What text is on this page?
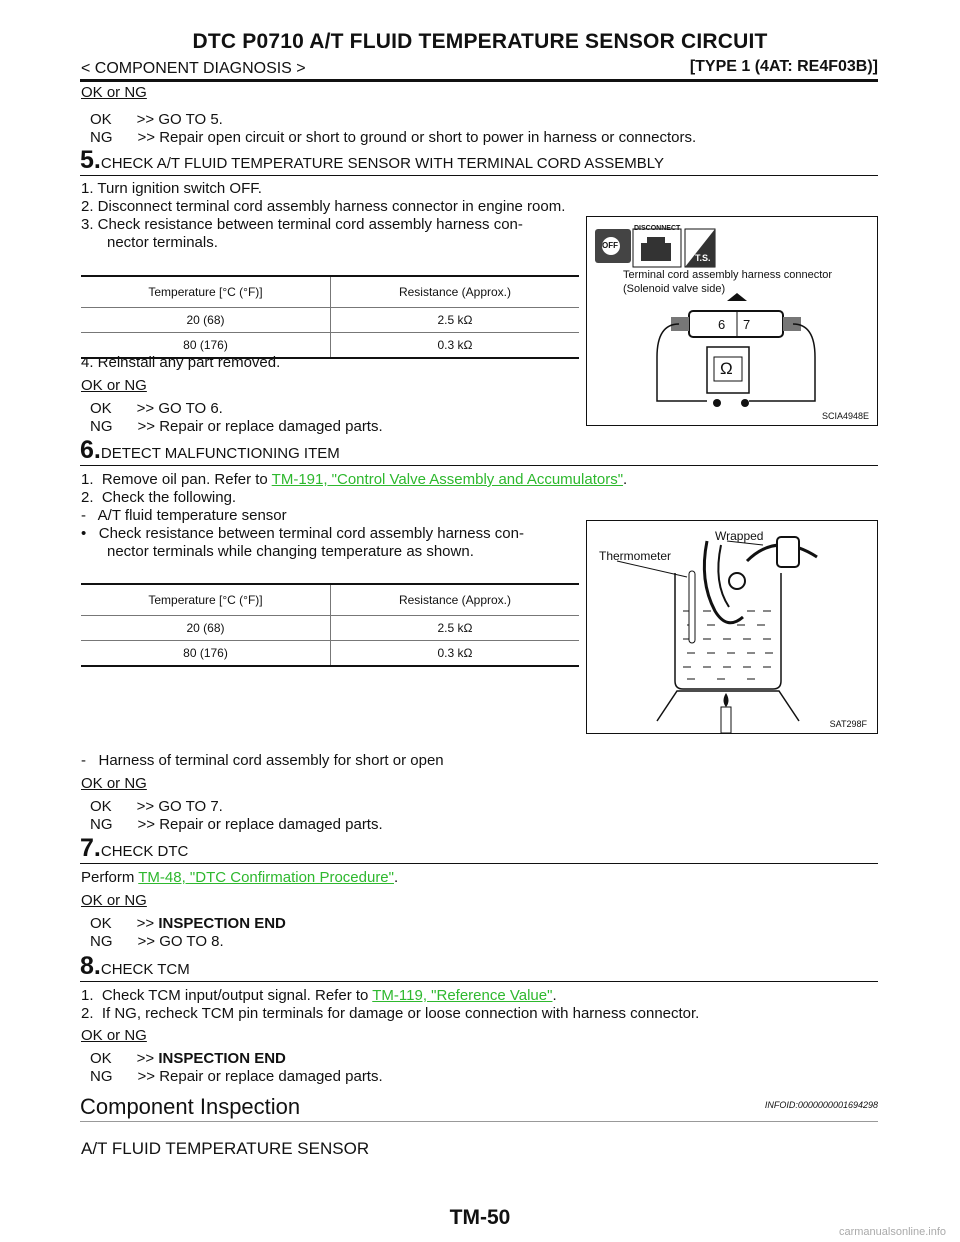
DTC P0710 A/T FLUID TEMPERATURE SENSOR CIRCUIT
< COMPONENT DIAGNOSIS >	[TYPE 1 (4AT: RE4F03B)]
OK or NG
OK      >> GO TO 5.
NG      >> Repair open circuit or short to ground or short to power in harness or connectors.
5.CHECK A/T FLUID TEMPERATURE SENSOR WITH TERMINAL CORD ASSEMBLY
1. Turn ignition switch OFF.
2. Disconnect terminal cord assembly harness connector in engine room.
3. Check resistance between terminal cord assembly harness con-
nector terminals.
Temperature [°C (°F)]	Resistance (Approx.)
20 (68)	2.5 kΩ
80 (176)	0.3 kΩ
4. Reinstall any part removed.
OK or NG
OK      >> GO TO 6.
NG      >> Repair or replace damaged parts.
DISCONNECT
T.S.
OFF
Terminal cord assembly harness connector
(Solenoid valve side)
6 7
Ω
SCIA4948E
6.DETECT MALFUNCTIONING ITEM
1.  Remove oil pan. Refer to TM-191, "Control Valve Assembly and Accumulators".
2.  Check the following.
-   A/T fluid temperature sensor
•   Check resistance between terminal cord assembly harness con-
nector terminals while changing temperature as shown.
Temperature [°C (°F)]	Resistance (Approx.)
20 (68)	2.5 kΩ
80 (176)	0.3 kΩ
Wrapped
Thermometer
SAT298F
-   Harness of terminal cord assembly for short or open
OK or NG
OK      >> GO TO 7.
NG      >> Repair or replace damaged parts.
7.CHECK DTC
Perform TM-48, "DTC Confirmation Procedure".
OK or NG
OK      >> INSPECTION END
NG      >> GO TO 8.
8.CHECK TCM
1.  Check TCM input/output signal. Refer to TM-119, "Reference Value".
2.  If NG, recheck TCM pin terminals for damage or loose connection with harness connector.
OK or NG
OK      >> INSPECTION END
NG      >> Repair or replace damaged parts.
Component Inspection	INFOID:0000000001694298
A/T FLUID TEMPERATURE SENSOR
TM-50
carmanualsonline.info
